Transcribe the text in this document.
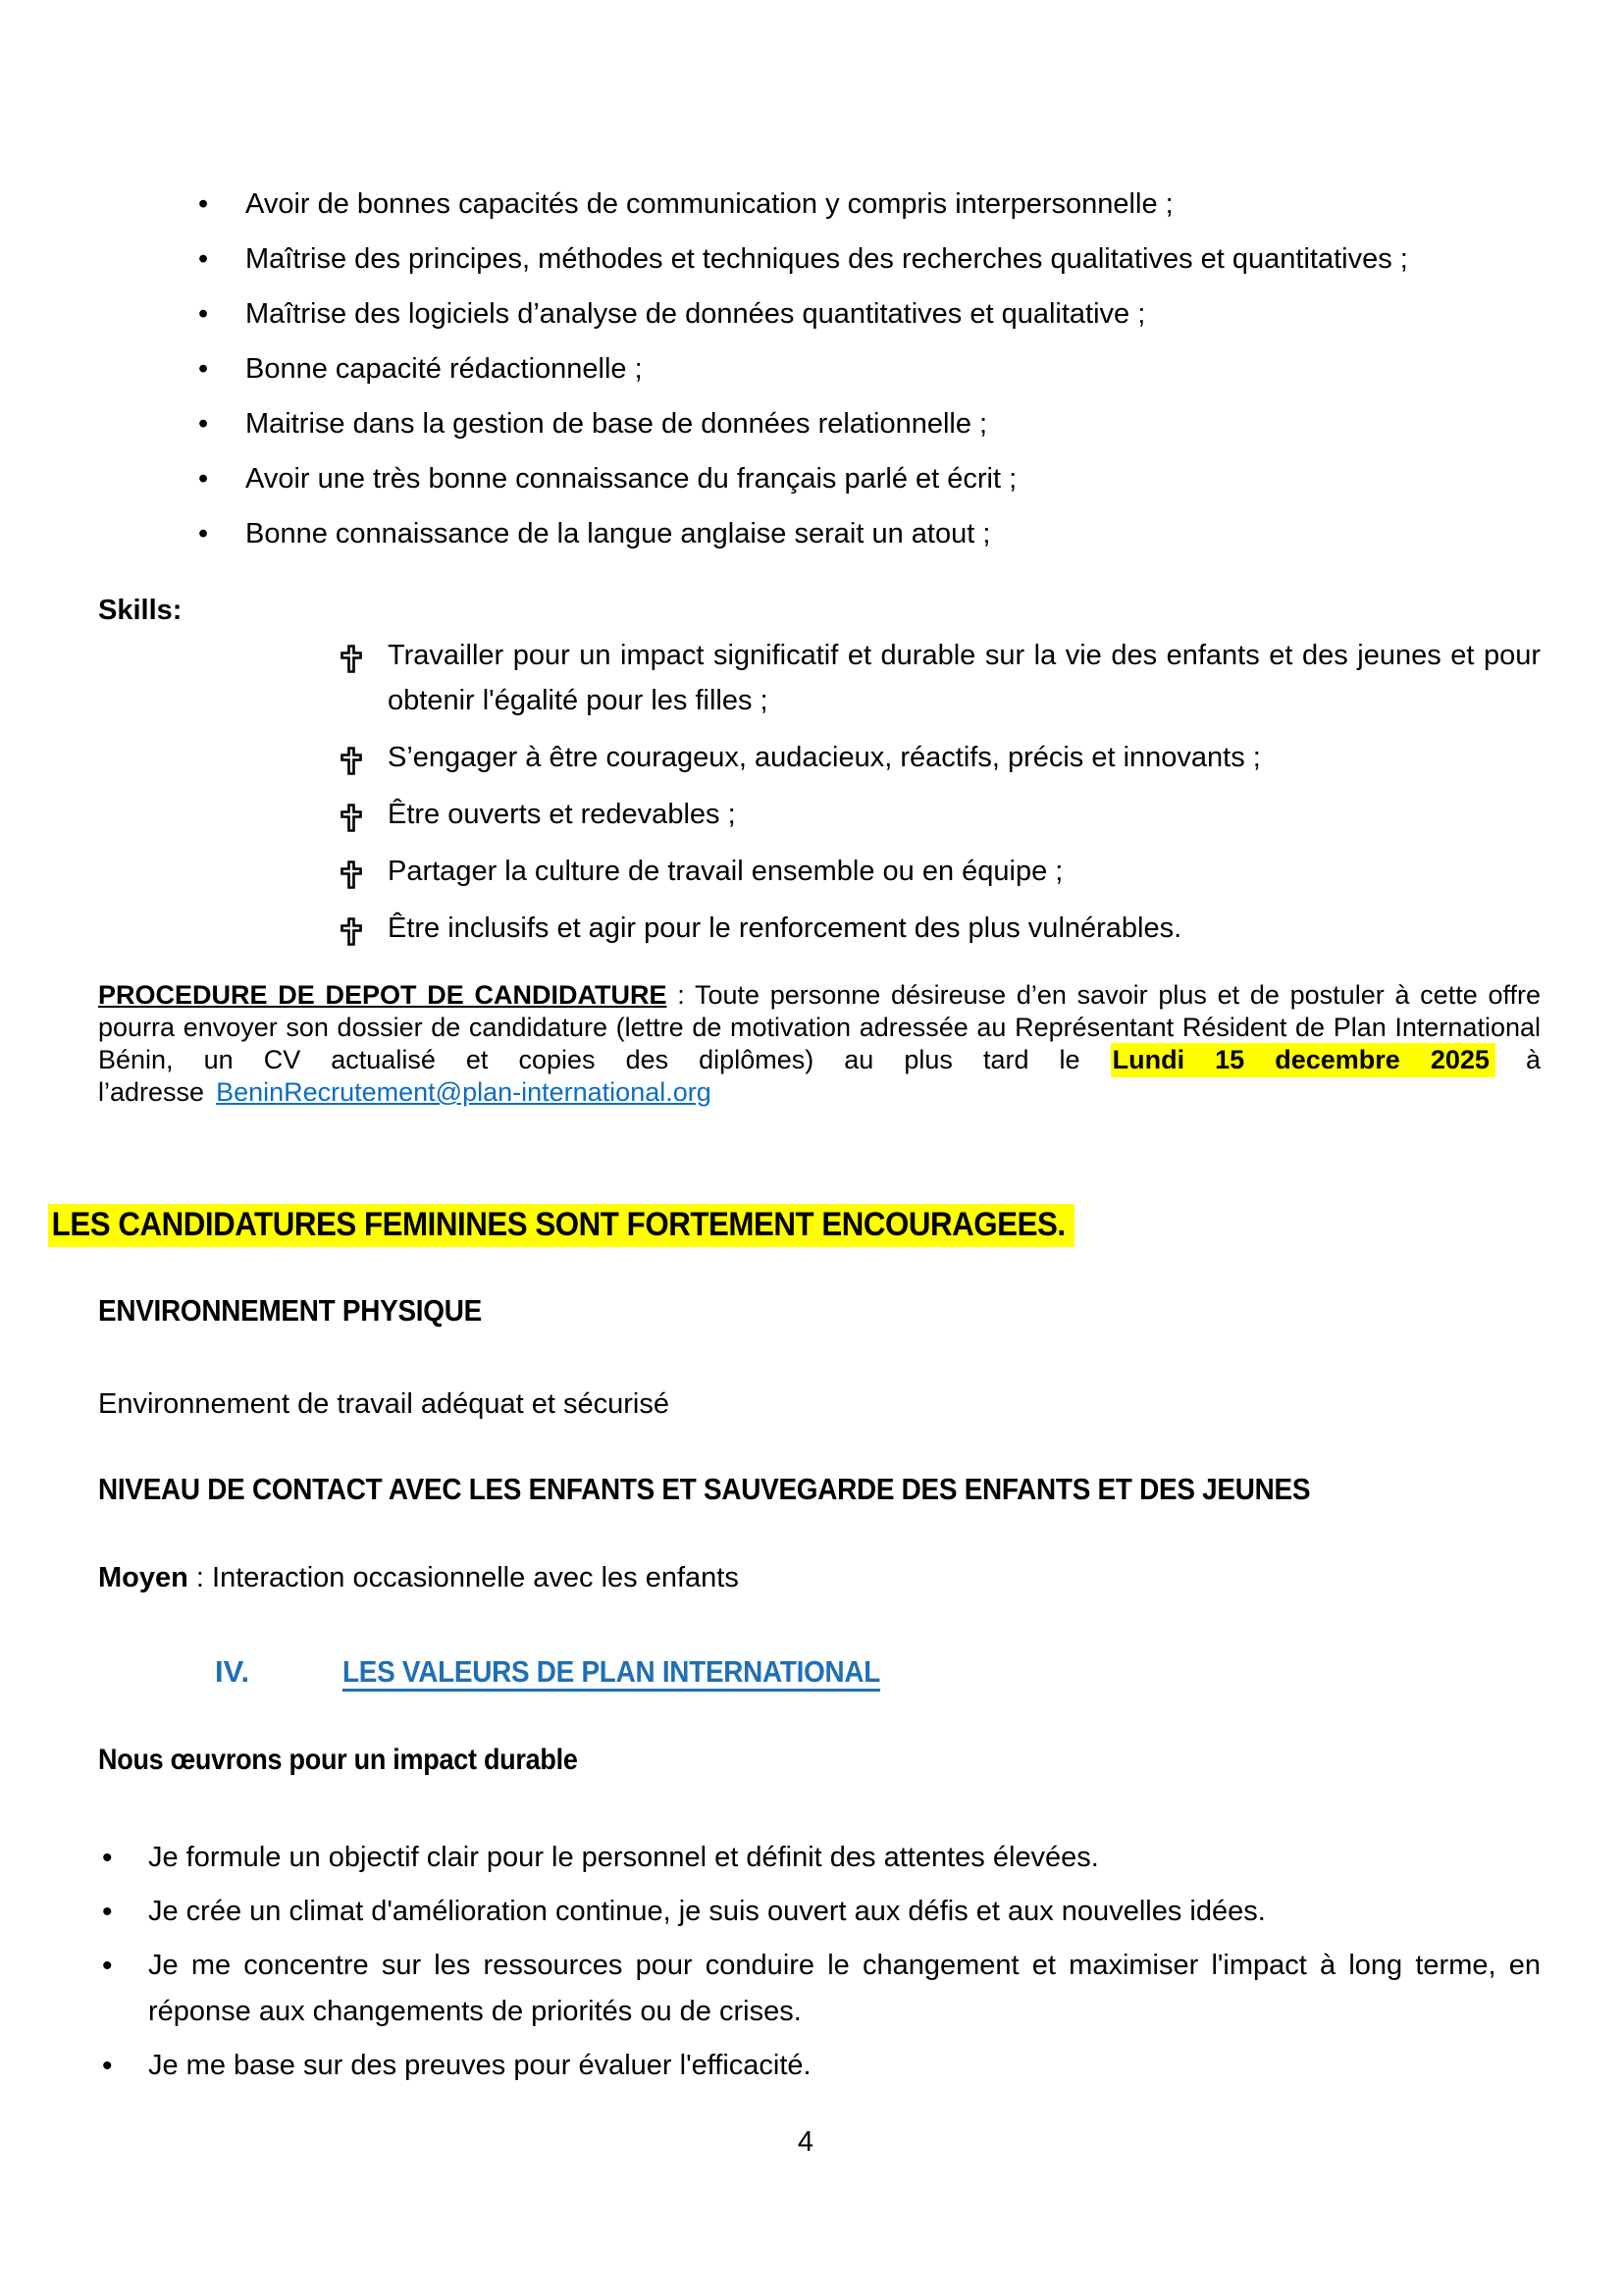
• Avoir de bonnes capacités de communication y compris interpersonnelle ;
• Maîtrise des principes, méthodes et techniques des recherches qualitatives et quantitatives ;
• Maîtrise des logiciels d’analyse de données quantitatives et qualitative ;
• Bonne capacité rédactionnelle ;
• Maitrise dans la gestion de base de données relationnelle ;
• Avoir une très bonne connaissance du français parlé et écrit ;
• Bonne connaissance de la langue anglaise serait un atout ;
Skills:
Travailler pour un impact significatif et durable sur la vie des enfants et des jeunes et pour obtenir l'égalité pour les filles ;
S’engager à être courageux, audacieux, réactifs, précis et innovants ;
Être ouverts et redevables ;
Partager la culture de travail ensemble ou en équipe ;
Être inclusifs et agir pour le renforcement des plus vulnérables.

PROCEDURE DE DEPOT DE CANDIDATURE : Toute personne désireuse d’en savoir plus et de postuler à cette offre pourra envoyer son dossier de candidature (lettre de motivation adressée au Représentant Résident de Plan International Bénin, un CV actualisé et copies des diplômes) au plus tard le Lundi 15 decembre 2025 à l’adresse BeninRecrutement@plan-international.org

LES CANDIDATURES FEMININES SONT FORTEMENT ENCOURAGEES.
ENVIRONNEMENT PHYSIQUE
Environnement de travail adéquat et sécurisé
NIVEAU DE CONTACT AVEC LES ENFANTS ET SAUVEGARDE DES ENFANTS ET DES JEUNES
Moyen : Interaction occasionnelle avec les enfants
IV.	LES VALEURS DE PLAN INTERNATIONAL
Nous œuvrons pour un impact durable
• Je formule un objectif clair pour le personnel et définit des attentes élevées.
• Je crée un climat d'amélioration continue, je suis ouvert aux défis et aux nouvelles idées.
• Je me concentre sur les ressources pour conduire le changement et maximiser l'impact à long terme, en réponse aux changements de priorités ou de crises.
• Je me base sur des preuves pour évaluer l'efficacité.
4
